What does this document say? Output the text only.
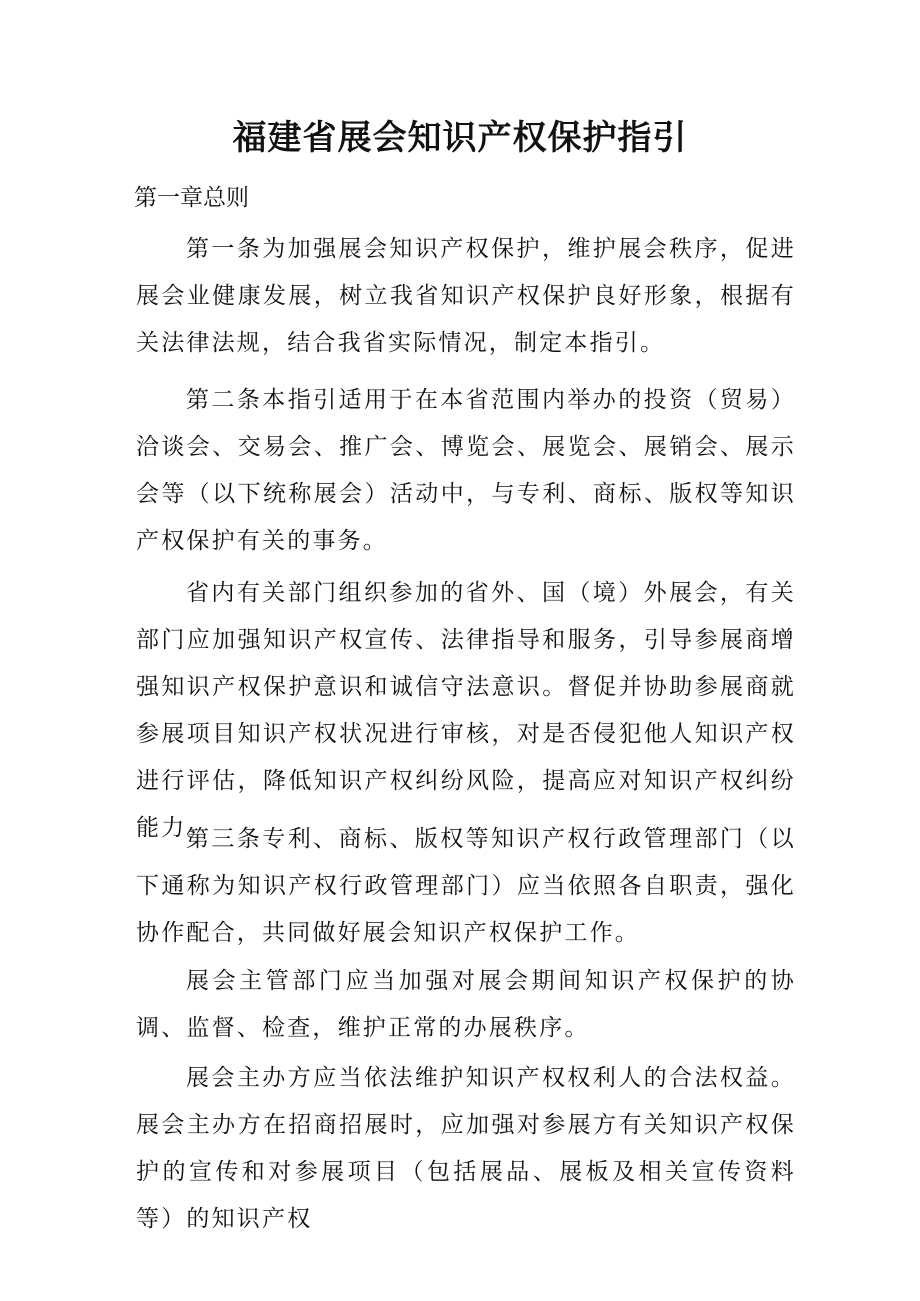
福建省展会知识产权保护指引

第一章总则

第一条为加强展会知识产权保护，维护展会秩序，促进展会业健康发展，树立我省知识产权保护良好形象，根据有关法律法规，结合我省实际情况，制定本指引。

第二条本指引适用于在本省范围内举办的投资（贸易）洽谈会、交易会、推广会、博览会、展览会、展销会、展示会等（以下统称展会）活动中，与专利、商标、版权等知识产权保护有关的事务。

省内有关部门组织参加的省外、国（境）外展会，有关部门应加强知识产权宣传、法律指导和服务，引导参展商增强知识产权保护意识和诚信守法意识。督促并协助参展商就参展项目知识产权状况进行审核，对是否侵犯他人知识产权进行评估，降低知识产权纠纷风险，提高应对知识产权纠纷能力。

第三条专利、商标、版权等知识产权行政管理部门（以下通称为知识产权行政管理部门）应当依照各自职责，强化协作配合，共同做好展会知识产权保护工作。

展会主管部门应当加强对展会期间知识产权保护的协调、监督、检查，维护正常的办展秩序。

展会主办方应当依法维护知识产权权利人的合法权益。展会主办方在招商招展时，应加强对参展方有关知识产权保护的宣传和对参展项目（包括展品、展板及相关宣传资料等）的知识产权
